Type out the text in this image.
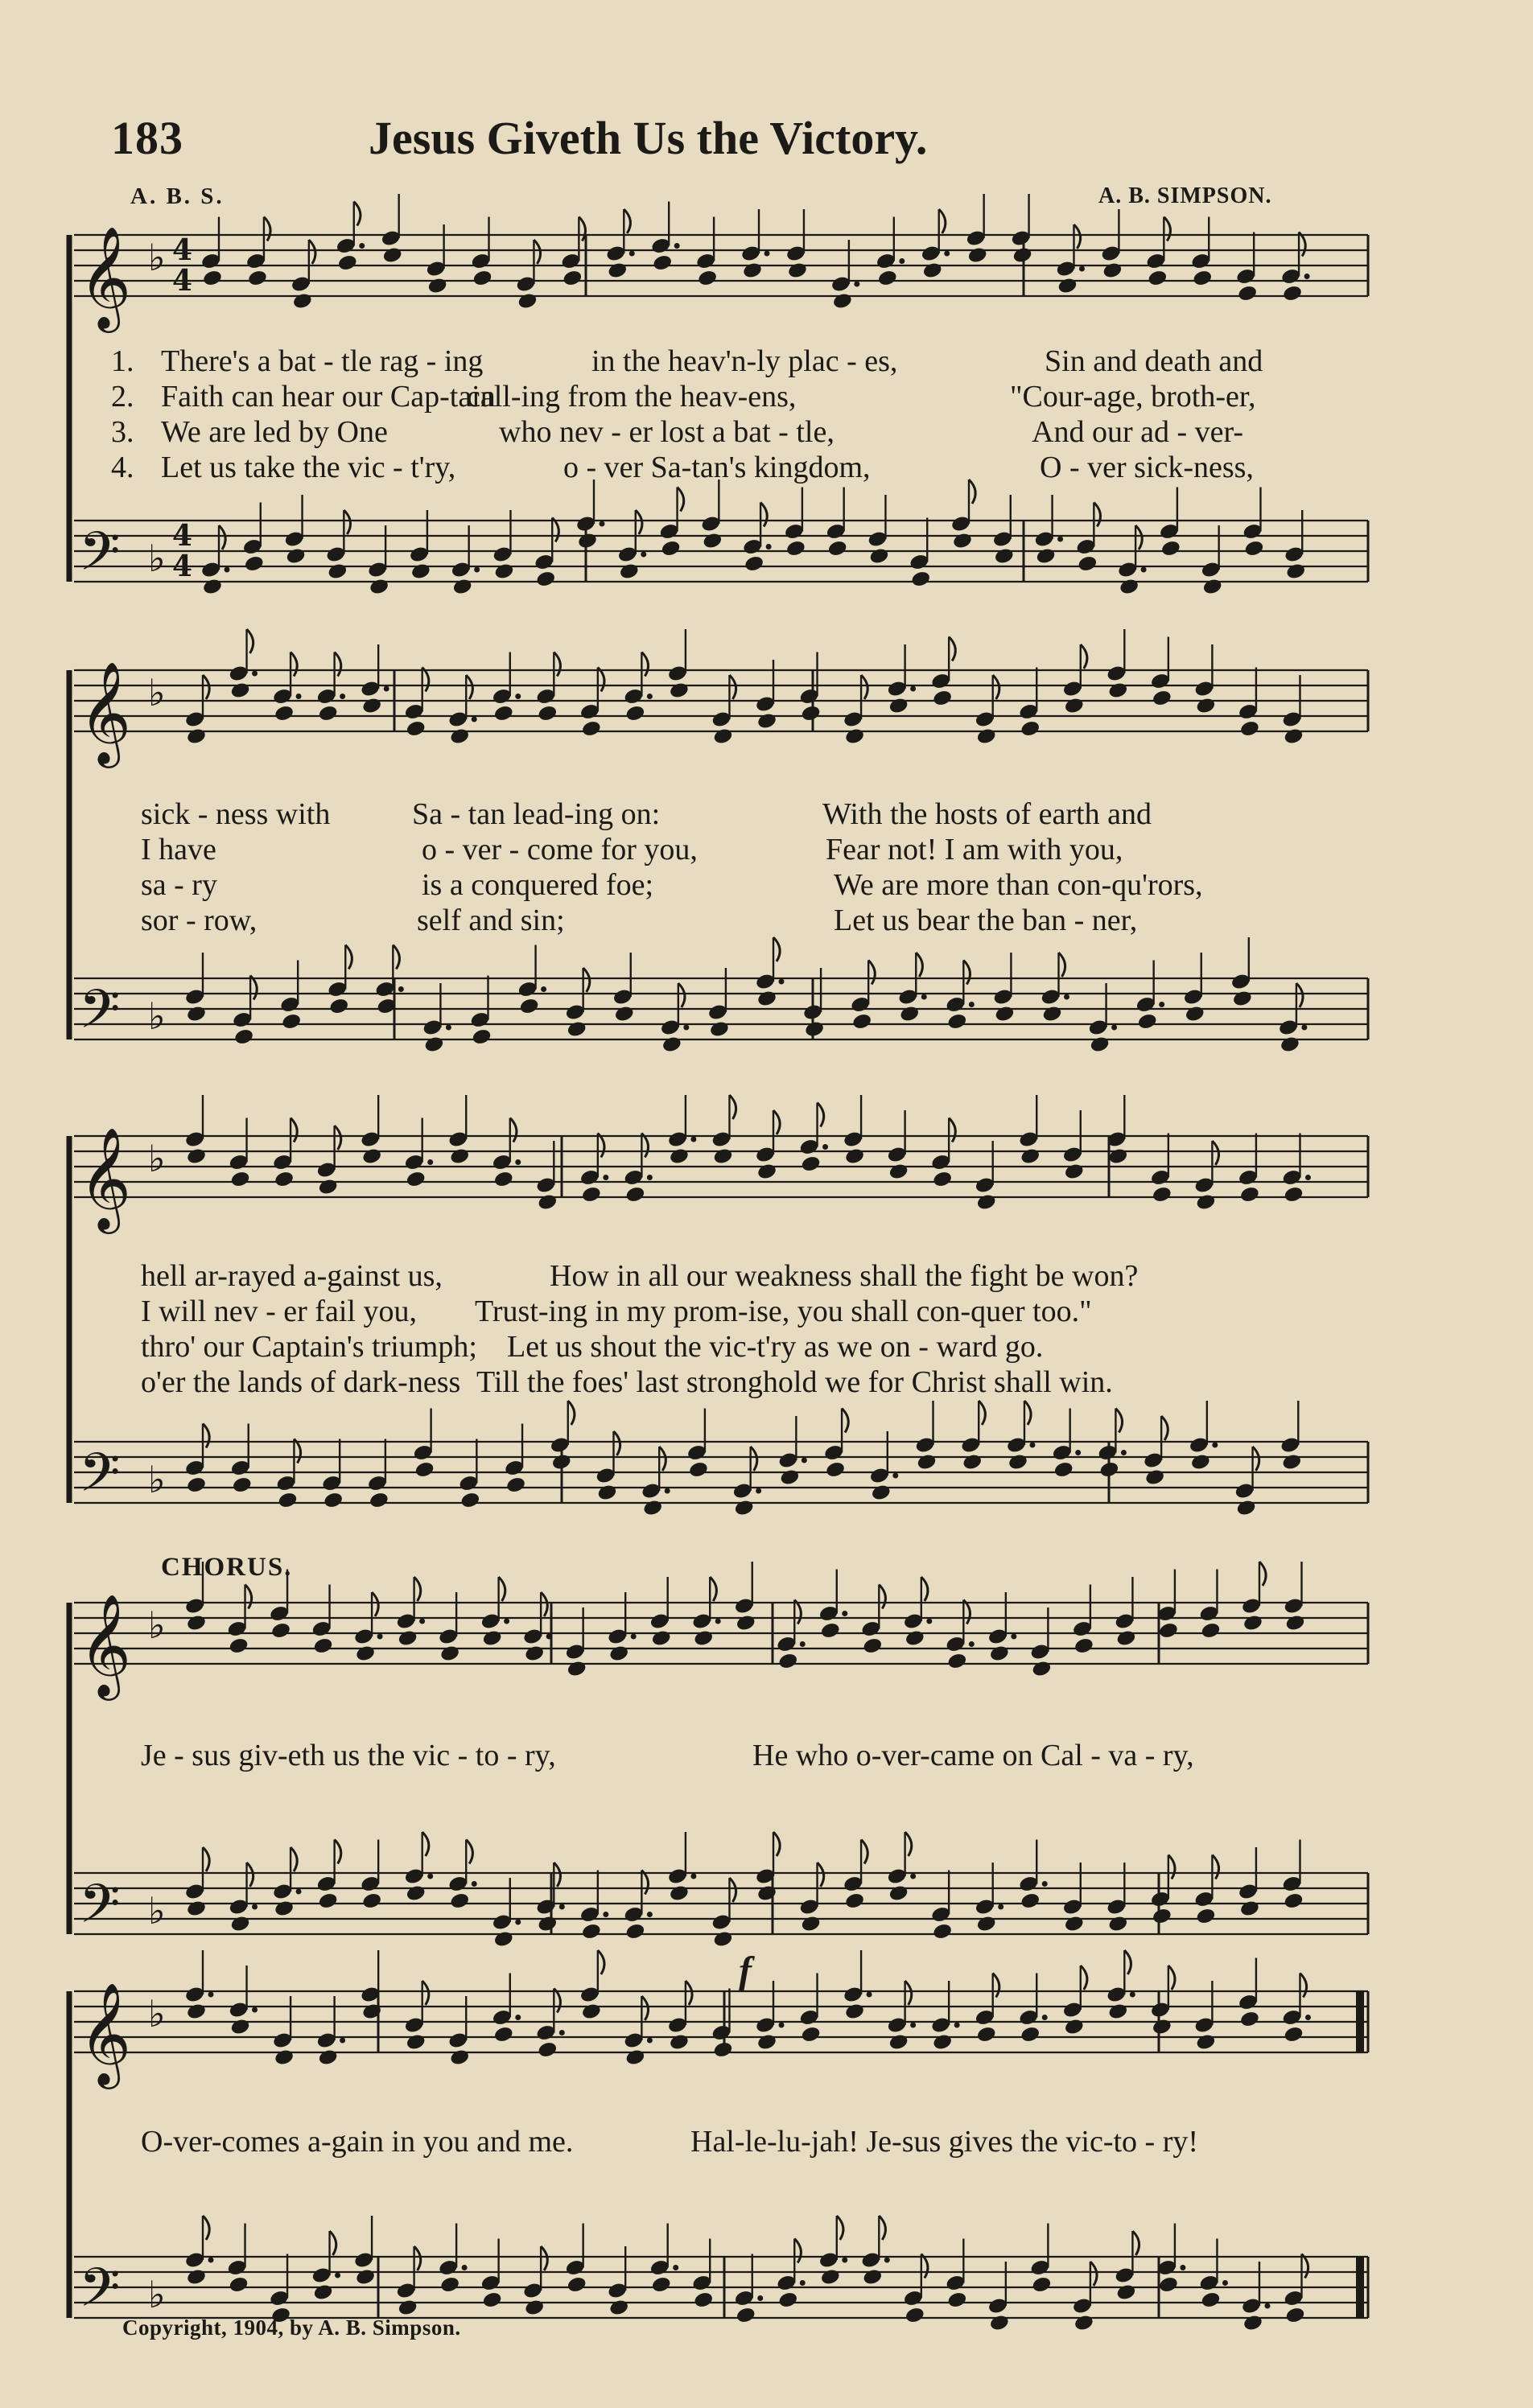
183	Jesus Giveth Us the Victory.
A. B. S.	A. B. SIMPSON.
𝄞 ♭ 4
4
𝄢 ♭
4
4
𝄞 ♭
𝄢 ♭
𝄞 ♭
𝄢 ♭
𝄞 ♭
𝄢 ♭
𝄞 ♭
𝄢 ♭
1. There's a bat - tle rag - ing	in the heav'n-ly plac - es,	Sin and death and
2. Faith can hear our Cap-tain
call-ing from the heav-ens,	"Cour-age, broth-er,
3. We are led by One	who nev - er lost a bat - tle,	And our ad - ver-
4. Let us take the vic - t'ry,	o - ver Sa-tan's kingdom,	O - ver sick-ness,
sick - ness with	Sa - tan lead-ing on:	With the hosts of earth and
I have	o - ver - come for you,	Fear not! I am with you,
sa - ry	is a conquered foe;	We are more than con-qu'rors,
sor - row,	self and sin;	Let us bear the ban - ner,
hell ar-rayed a-gainst us,	How in all our weakness shall the fight be won?
I will nev - er fail you, Trust-ing in my prom-ise, you shall con-quer too."
thro' our Captain's triumph; Let us shout the vic-t'ry as we on - ward go.
o'er the lands of dark-ness Till the foes' last stronghold we for Christ shall win.
CHORUS.
Je - sus giv-eth us the vic - to - ry,	He who o-ver-came on Cal - va - ry,
O-ver-comes a-gain in you and me.	Hal-le-lu-jah! Je-sus gives the vic-to - ry!
f
Copyright, 1904, by A. B. Simpson.
